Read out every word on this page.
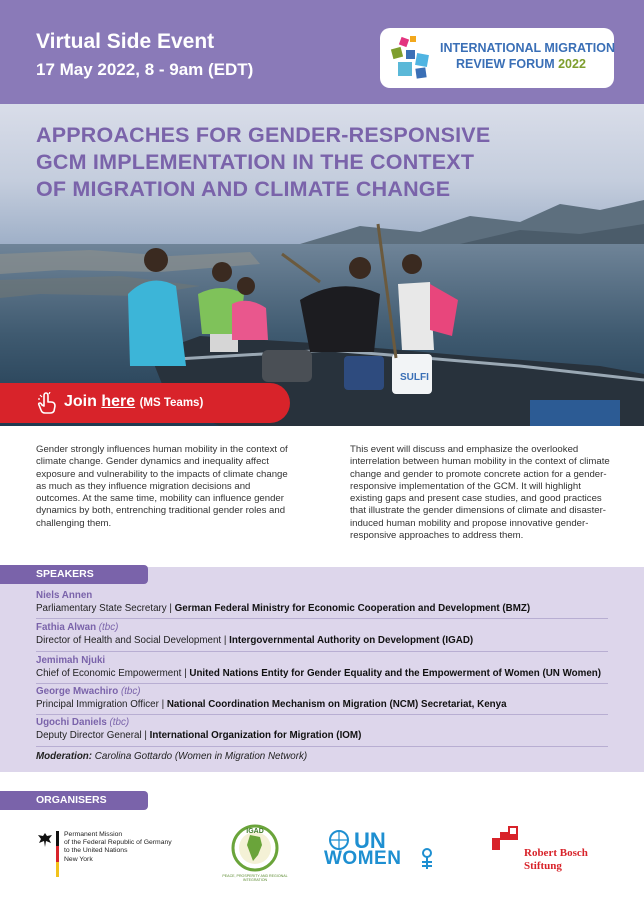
Virtual Side Event
17 May 2022, 8 - 9am (EDT)
INTERNATIONAL MIGRATION
REVIEW FORUM 2022
SULFI
APPROACHES FOR GENDER-RESPONSIVE
GCM IMPLEMENTATION IN THE CONTEXT
OF MIGRATION AND CLIMATE CHANGE
Join here (MS Teams)
Gender strongly influences human mobility in the context of climate change. Gender dynamics and inequality affect exposure and vulnerability to the impacts of climate change as much as they influence migration decisions and outcomes. At the same time, mobility can influence gender dynamics by both, entrenching traditional gender roles and challenging them.
This event will discuss and emphasize the overlooked interrelation between human mobility in the context of climate change and gender to promote concrete action for a gender-responsive implementation of the GCM. It will highlight existing gaps and present case studies, and good practices that illustrate the gender dimensions of climate and disaster-induced human mobility and propose innovative gender-responsive approaches to address them.
SPEAKERS
Niels Annen
Parliamentary State Secretary | German Federal Ministry for Economic Cooperation and Development (BMZ)
Fathia Alwan (tbc)
Director of Health and Social Development | Intergovernmental Authority on Development (IGAD)
Jemimah Njuki
Chief of Economic Empowerment | United Nations Entity for Gender Equality and the Empowerment of Women (UN Women)
George Mwachiro (tbc)
Principal Immigration Officer | National Coordination Mechanism on Migration (NCM) Secretariat, Kenya
Ugochi Daniels (tbc)
Deputy Director General | International Organization for Migration (IOM)
Moderation: Carolina Gottardo (Women in Migration Network)
ORGANISERS
Permanent Mission
of the Federal Republic of Germany
to the United Nations
New York
IGAD
PEACE, PROSPERITY AND REGIONAL INTEGRATION
UN
WOMEN	Robert Bosch
Stiftung
